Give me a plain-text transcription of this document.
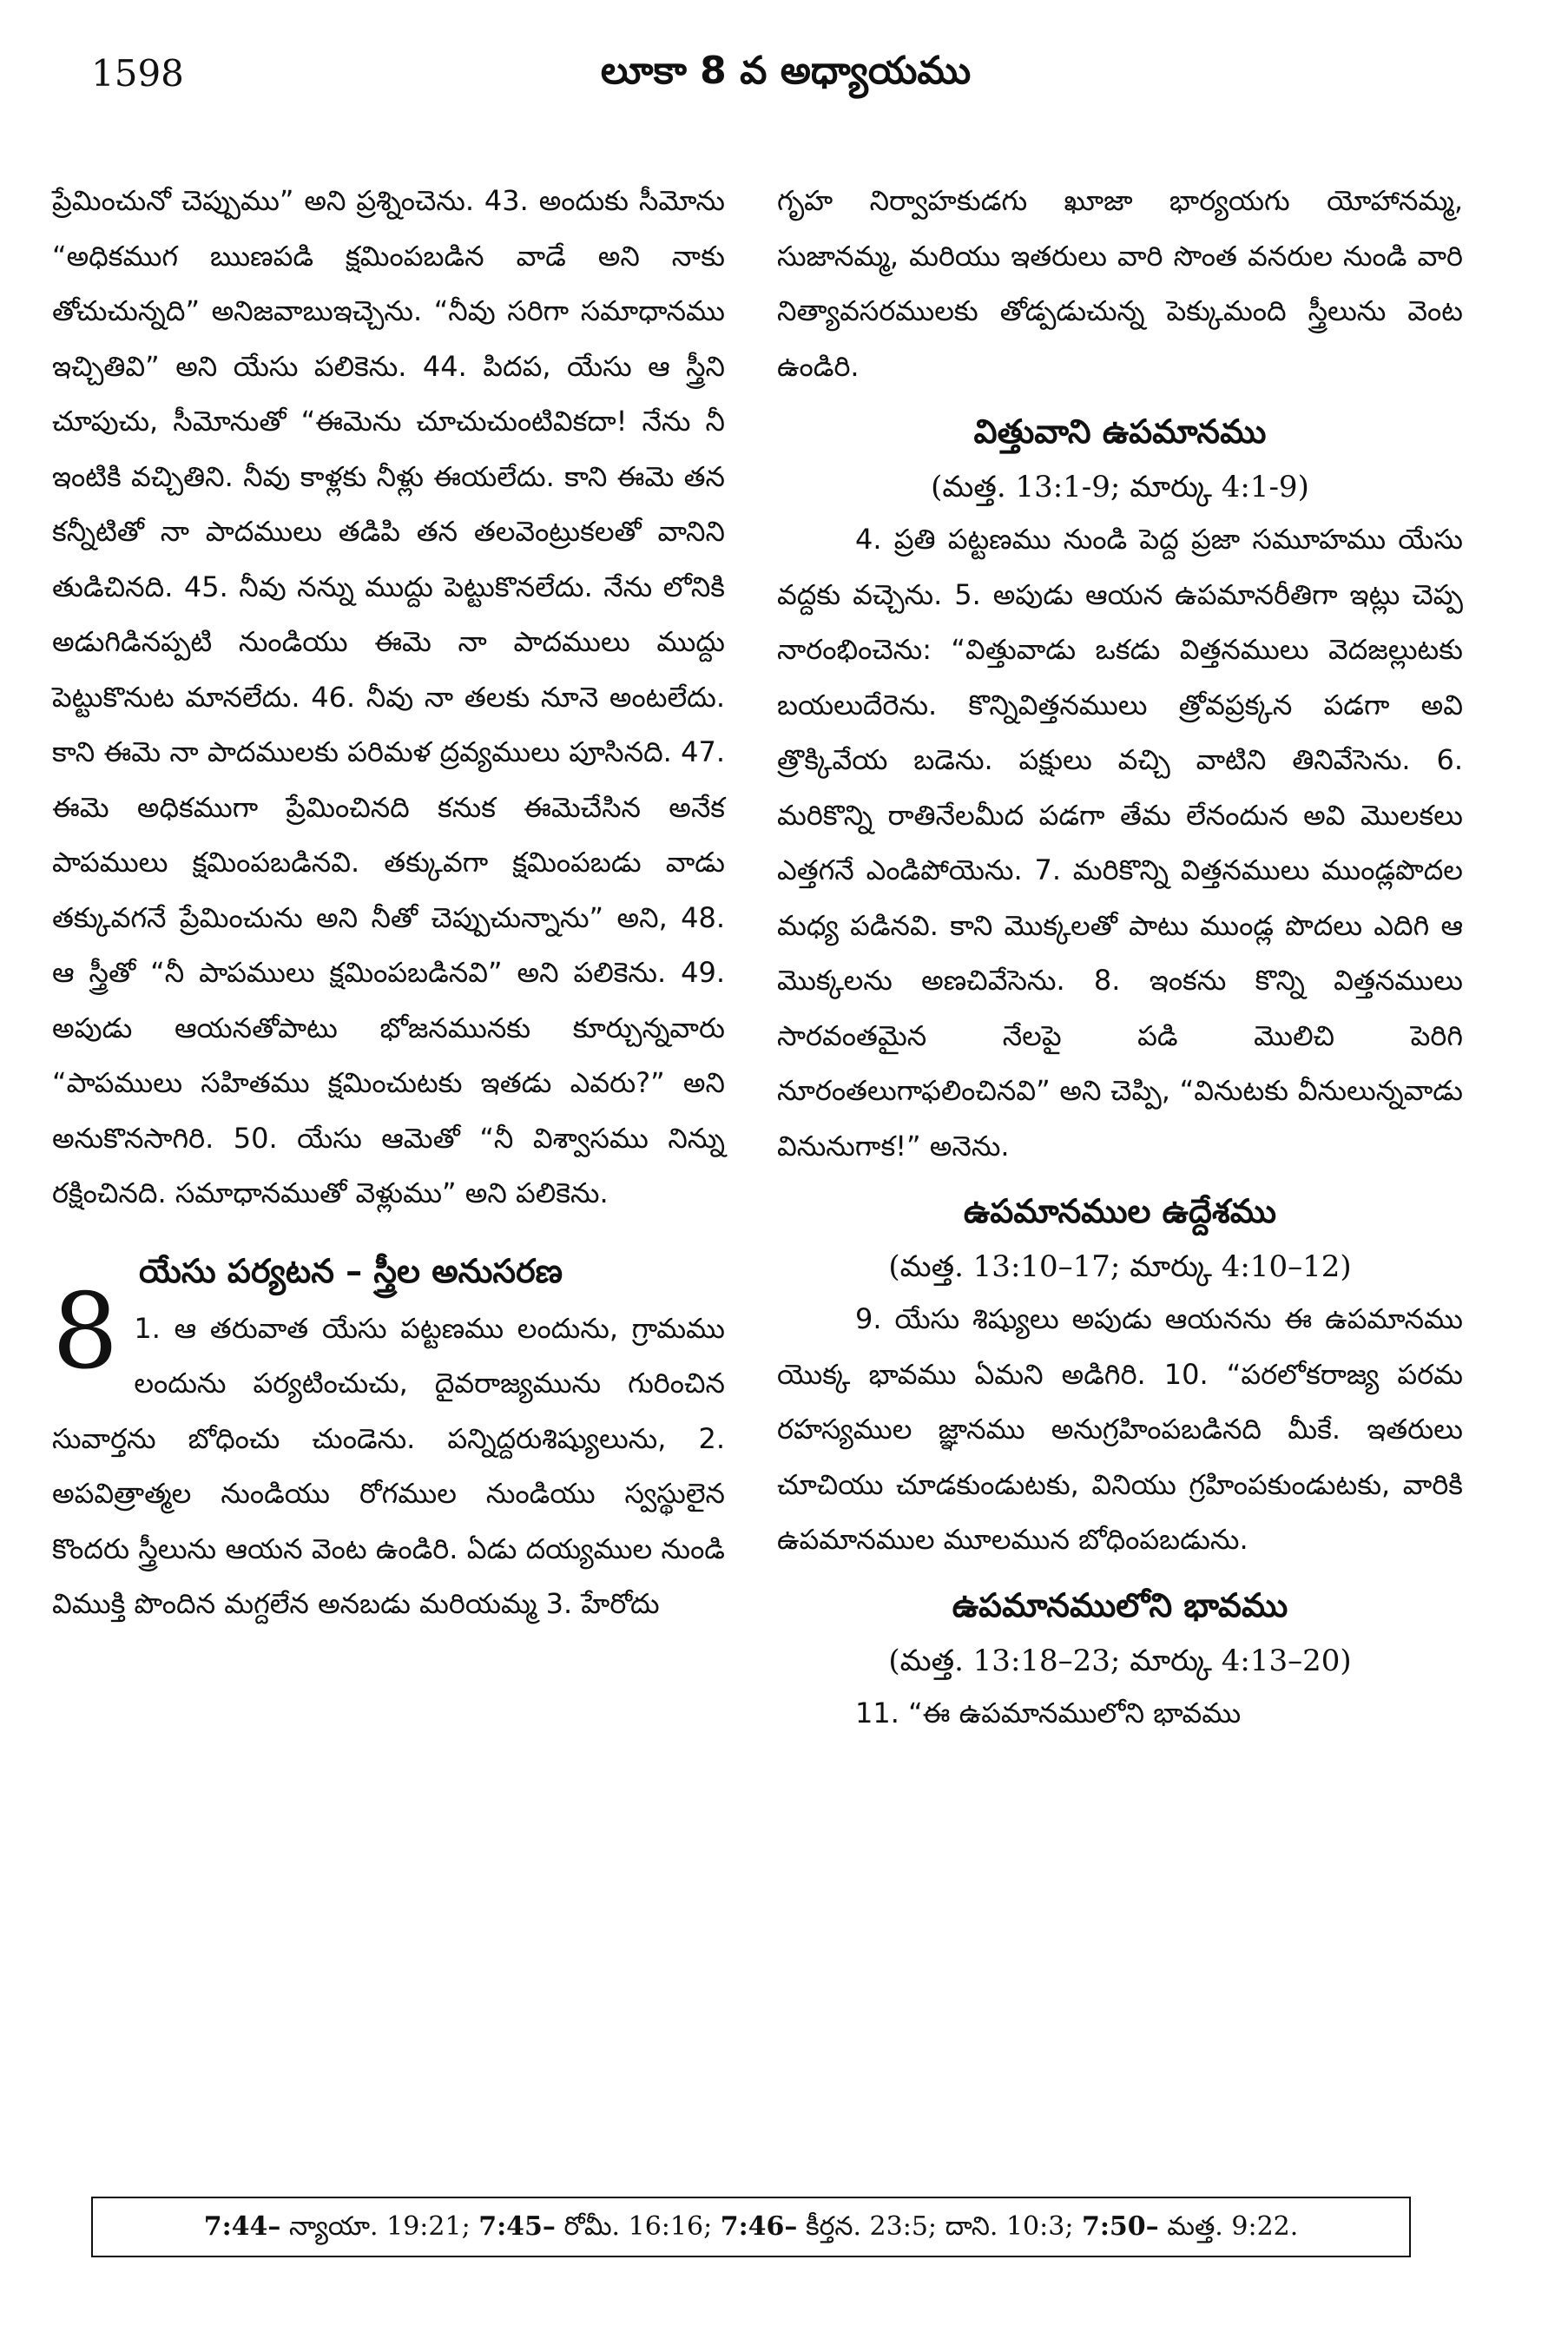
1598	లూకా 8 వ అధ్యాయము

ప్రేమించునో చెప్పుము” అని ప్రశ్నించెను. 43. అందుకు సీమోను “అధికముగ ఋణపడి క్షమింపబడిన వాడే అని నాకు తోచుచున్నది” అనిజవాబుఇచ్చెను. “నీవు సరిగా సమాధానము ఇచ్చితివి” అని యేసు పలికెను. 44. పిదప, యేసు ఆ స్త్రీని చూపుచు, సీమోనుతో “ఈమెను చూచుచుంటివికదా! నేను నీ ఇంటికి వచ్చితిని. నీవు కాళ్లకు నీళ్లు ఈయలేదు. కాని ఈమె తన కన్నీటితో నా పాదములు తడిపి తన తలవెంట్రుకలతో వానిని తుడిచినది. 45. నీవు నన్ను ముద్దు పెట్టుకొనలేదు. నేను లోనికి అడుగిడినప్పటి నుండియు ఈమె నా పాదములు ముద్దు పెట్టుకొనుట మానలేదు. 46. నీవు నా తలకు నూనె అంటలేదు. కాని ఈమె నా పాదములకు పరిమళ ద్రవ్యములు పూసినది. 47. ఈమె అధికముగా ప్రేమించినది కనుక ఈమెచేసిన అనేక పాపములు క్షమింపబడినవి. తక్కువగా క్షమింపబడు వాడు తక్కువగనే ప్రేమించును అని నీతో చెప్పుచున్నాను” అని, 48. ఆ స్త్రీతో “నీ పాపములు క్షమింపబడినవి” అని పలికెను. 49. అపుడు ఆయనతోపాటు భోజనమునకు కూర్చున్నవారు “పాపములు సహితము క్షమించుటకు ఇతడు ఎవరు?” అని అనుకొనసాగిరి. 50. యేసు ఆమెతో “నీ విశ్వాసము నిన్ను రక్షించినది. సమాధానముతో వెళ్లుము” అని పలికెను.

యేసు పర్యటన – స్త్రీల అనుసరణ

8 1. ఆ తరువాత యేసు పట్టణము లందును, గ్రామము లందును పర్యటించుచు, దైవరాజ్యమును గురించిన సువార్తను బోధించు చుండెను. పన్నిద్దరుశిష్యులును, 2. అపవిత్రాత్మల నుండియు రోగముల నుండియు స్వస్థులైన కొందరు స్త్రీలును ఆయన వెంట ఉండిరి. ఏడు దయ్యముల నుండి విముక్తి పొందిన మగ్దలేన అనబడు మరియమ్మ 3. హేరోదు

గృహ నిర్వాహకుడగు ఖూజా భార్యయగు యోహానమ్మ, సుజానమ్మ, మరియు ఇతరులు వారి సొంత వనరుల నుండి వారి నిత్యావసరములకు తోడ్పడుచున్న పెక్కుమంది స్త్రీలును వెంట ఉండిరి.

విత్తువాని ఉపమానము
(మత్త. 13:1-9; మార్కు 4:1-9)

4. ప్రతి పట్టణము నుండి పెద్ద ప్రజా సమూహము యేసు వద్దకు వచ్చెను. 5. అపుడు ఆయన ఉపమానరీతిగా ఇట్లు చెప్ప నారంభించెను: “విత్తువాడు ఒకడు విత్తనములు వెదజల్లుటకు బయలుదేరెను. కొన్నివిత్తనములు త్రోవప్రక్కన పడగా అవి త్రొక్కివేయ బడెను. పక్షులు వచ్చి వాటిని తినివేసెను. 6. మరికొన్ని రాతినేలమీద పడగా తేమ లేనందున అవి మొలకలు ఎత్తగనే ఎండిపోయెను. 7. మరికొన్ని విత్తనములు ముండ్లపొదల మధ్య పడినవి. కాని మొక్కలతో పాటు ముండ్ల పొదలు ఎదిగి ఆ మొక్కలను అణచివేసెను. 8. ఇంకను కొన్ని విత్తనములు సారవంతమైన నేలపై పడి మొలిచి పెరిగి నూరంతలుగాఫలించినవి” అని చెప్పి, “వినుటకు వీనులున్నవాడు వినునుగాక!” అనెను.

ఉపమానముల ఉద్దేశము
(మత్త. 13:10–17; మార్కు 4:10–12)

9. యేసు శిష్యులు అపుడు ఆయనను ఈ ఉపమానము యొక్క భావము ఏమని అడిగిరి. 10. “పరలోకరాజ్య పరమ రహస్యముల జ్ఞానము అనుగ్రహింపబడినది మీకే. ఇతరులు చూచియు చూడకుండుటకు, వినియు గ్రహింపకుండుటకు, వారికి ఉపమానముల మూలమున బోధింపబడును.

ఉపమానములోని భావము
(మత్త. 13:18–23; మార్కు 4:13–20)

11. “ఈ ఉపమానములోని భావము

7:44– న్యాయా. 19:21; 7:45– రోమీ. 16:16; 7:46– కీర్తన. 23:5; దాని. 10:3; 7:50– మత్త. 9:22.
